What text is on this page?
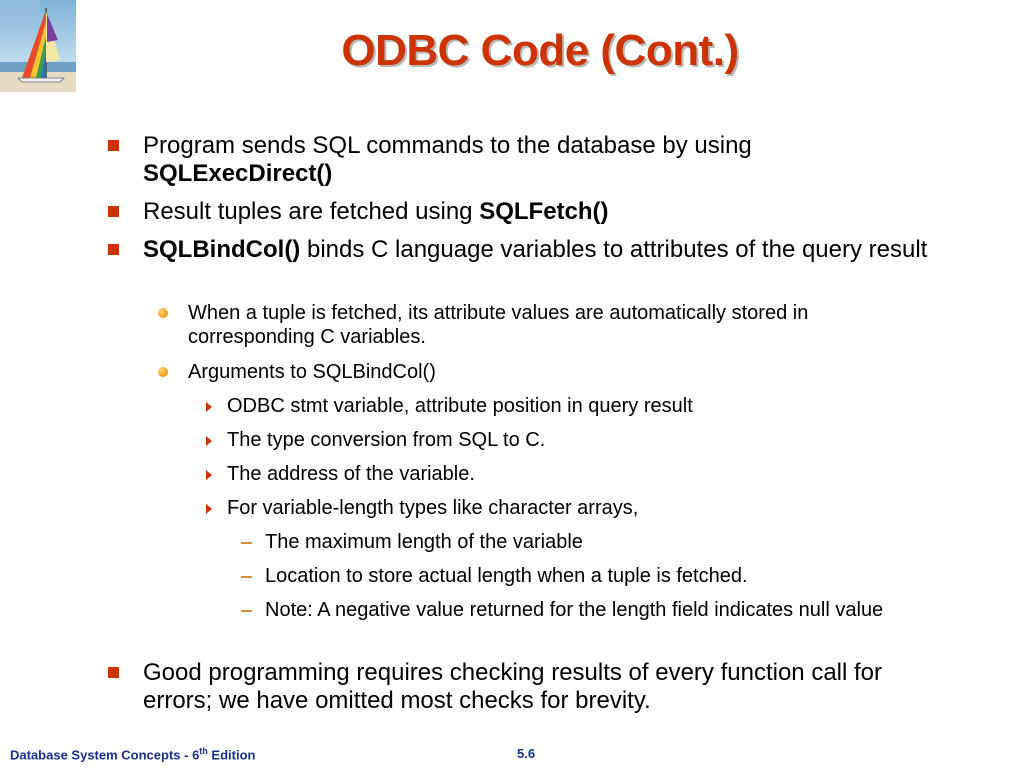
ODBC Code (Cont.)
Program sends SQL commands to the database by using
SQLExecDirect()
Result tuples are fetched using SQLFetch()
SQLBindCol() binds C language variables to attributes of the query result
When a tuple is fetched, its attribute values are automatically stored in corresponding C variables.
Arguments to SQLBindCol()
ODBC stmt variable, attribute position in query result
The type conversion from SQL to C.
The address of the variable.
For variable-length types like character arrays,
The maximum length of the variable
Location to store actual length when a tuple is fetched.
Note: A negative value returned for the length field indicates null value
Good programming requires checking results of every function call for errors; we have omitted most checks for brevity.
Database System Concepts - 6th Edition	5.6
